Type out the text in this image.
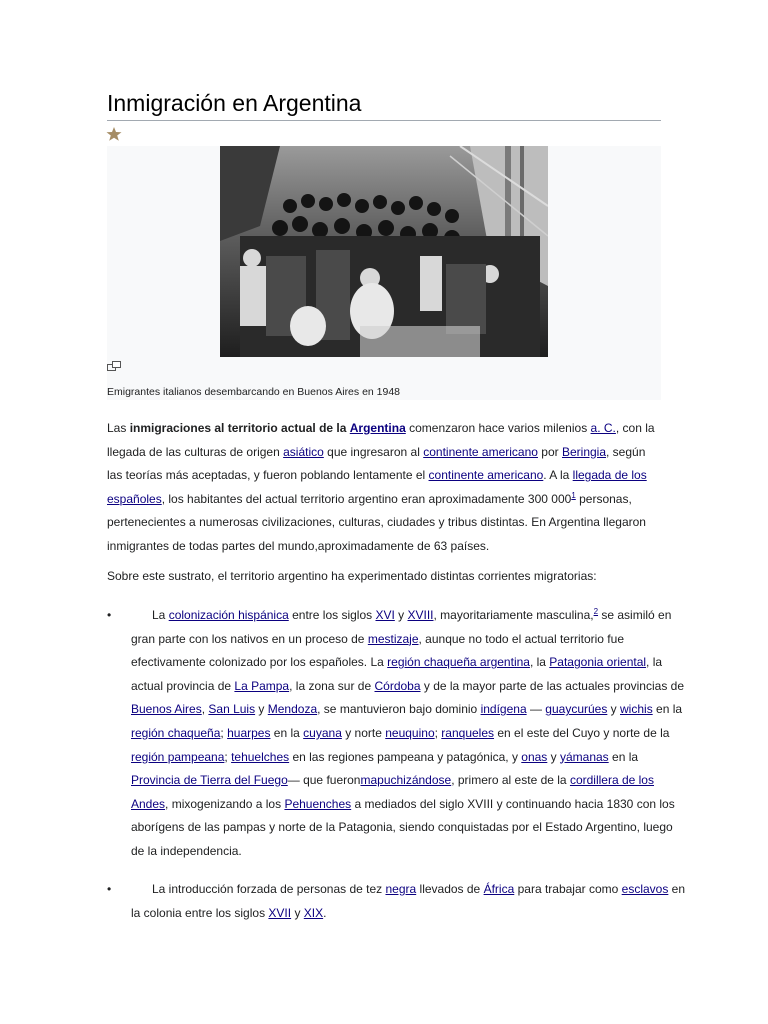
Inmigración en Argentina
Emigrantes italianos desembarcando en Buenos Aires en 1948
Las inmigraciones al territorio actual de la Argentina comenzaron hace varios milenios a. C., con la llegada de las culturas de origen asiático que ingresaron al continente americano por Beringia, según las teorías más aceptadas, y fueron poblando lentamente el continente americano. A la llegada de los españoles, los habitantes del actual territorio argentino eran aproximadamente 300 $000^1$ personas, pertenecientes a numerosas civilizaciones, culturas, ciudades y tribus distintas. En Argentina llegaron inmigrantes de todas partes del mundo,aproximadamente de 63 países.
Sobre este sustrato, el territorio argentino ha experimentado distintas corrientes migratorias:
•	La colonización hispánica entre los siglos XVI y XVIII, mayoritariamente masculina,$^2$ se asimiló en gran parte con los nativos en un proceso de mestizaje, aunque no todo el actual territorio fue efectivamente colonizado por los españoles. La región chaqueña argentina, la Patagonia oriental, la actual provincia de La Pampa, la zona sur de Córdoba y de la mayor parte de las actuales provincias de Buenos Aires, San Luis y Mendoza, se mantuvieron bajo dominio indígena — guaycurúes y wichis en la región chaqueña; huarpes en la cuyana y norte neuquino; ranqueles en el este del Cuyo y norte de la región pampeana; tehuelches en las regiones pampeana y patagónica, y onas y yámanas en la Provincia de Tierra del Fuego— que fueronmapuchizándose, primero al este de la cordillera de los Andes, mixogenizando a los Pehuenches a mediados del siglo XVIII y continuando hacia 1830 con los aborígens de las pampas y norte de la Patagonia, siendo conquistadas por el Estado Argentino, luego de la independencia.
•	La introducción forzada de personas de tez negra llevados de África para trabajar como esclavos en la colonia entre los siglos XVII y XIX.
